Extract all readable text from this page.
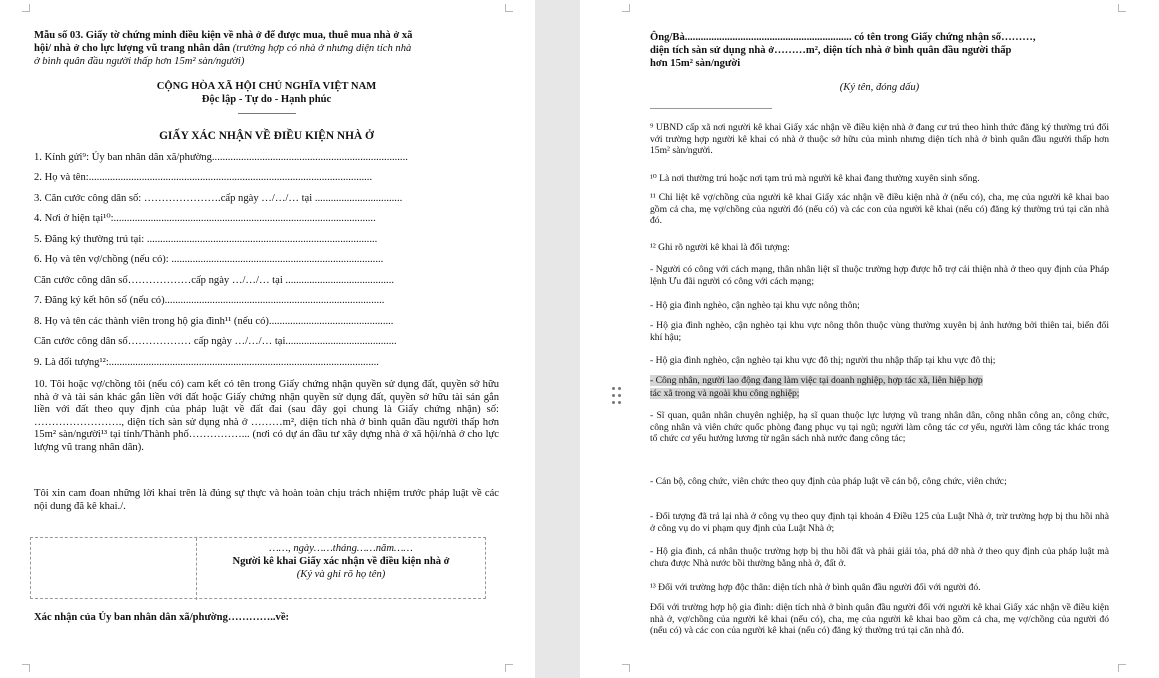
Mẫu số 03. Giấy tờ chứng minh điều kiện về nhà ở để được mua, thuê mua nhà ở xã
hội/ nhà ở cho lực lượng vũ trang nhân dân (trường hợp có nhà ở nhưng diện tích nhà
ở bình quân đầu người thấp hơn 15m² sàn/người)
CỘNG HÒA XÃ HỘI CHỦ NGHĨA VIỆT NAM
Độc lập - Tự do - Hạnh phúc
GIẤY XÁC NHẬN VỀ ĐIỀU KIỆN NHÀ Ở
1. Kính gửi⁹: Ủy ban nhân dân xã/phường..........................................................................
2. Họ và tên:...........................................................................................................
3. Căn cước công dân số: ………………….cấp ngày …/…/… tại .................................
4. Nơi ở hiện tại¹⁰:...................................................................................................
5. Đăng ký thường trú tại: .......................................................................................
6. Họ và tên vợ/chồng (nếu có): ................................................................................
Căn cước công dân số………………cấp ngày …/…/… tại .........................................
7. Đăng ký kết hôn số (nếu có)...................................................................................
8. Họ và tên các thành viên trong hộ gia đình¹¹ (nếu có)...............................................
Căn cước công dân số……………… cấp ngày …/…/… tại..........................................
9. Là đối tượng¹²:......................................................................................................
10. Tôi hoặc vợ/chồng tôi (nếu có) cam kết có tên trong Giấy chứng nhận quyền sử dụng đất, quyền sở hữu nhà ở và tài sản khác gắn liền với đất hoặc Giấy chứng nhận quyền sử dụng đất, quyền sở hữu tài sản gắn liền với đất theo quy định của pháp luật về đất đai (sau đây gọi chung là Giấy chứng nhận) số: ……………………., diện tích sàn sử dụng nhà ở ………m², diện tích nhà ở bình quân đầu người thấp hơn 15m² sàn/người¹³ tại tỉnh/Thành phố……………... (nơi có dự án đầu tư xây dựng nhà ở xã hội/nhà ở cho lực lượng vũ trang nhân dân).
Tôi xin cam đoan những lời khai trên là đúng sự thực và hoàn toàn chịu trách nhiệm trước pháp luật về các nội dung đã kê khai./.
……, ngày……tháng……năm……
Người kê khai Giấy xác nhận về điều kiện nhà ở
(Ký và ghi rõ họ tên)
Xác nhận của Ủy ban nhân dân xã/phường…………..về:
Ông/Bà............................................................... có tên trong Giấy chứng nhận số………,
diện tích sàn sử dụng nhà ở………m², diện tích nhà ở bình quân đầu người thấp
hơn 15m² sàn/người
(Ký tên, đóng dấu)
⁹ UBND cấp xã nơi người kê khai Giấy xác nhận về điều kiện nhà ở đang cư trú theo hình thức đăng ký thường trú đối với trường hợp người kê khai có nhà ở thuộc sở hữu của mình nhưng diện tích nhà ở bình quân đầu người thấp hơn 15m² sàn/người.
¹⁰ Là nơi thường trú hoặc nơi tạm trú mà người kê khai đang thường xuyên sinh sống.
¹¹ Chỉ liệt kê vợ/chồng của người kê khai Giấy xác nhận về điều kiện nhà ở (nếu có), cha, mẹ của người kê khai bao gồm cả cha, mẹ vợ/chồng của người đó (nếu có) và các con của người kê khai (nếu có) đăng ký thường trú tại căn nhà đó.
¹² Ghi rõ người kê khai là đối tượng:
- Người có công với cách mạng, thân nhân liệt sĩ thuộc trường hợp được hỗ trợ cải thiện nhà ở theo quy định của Pháp lệnh Ưu đãi người có công với cách mạng;
- Hộ gia đình nghèo, cận nghèo tại khu vực nông thôn;
- Hộ gia đình nghèo, cận nghèo tại khu vực nông thôn thuộc vùng thường xuyên bị ảnh hưởng bởi thiên tai, biến đổi khí hậu;
- Hộ gia đình nghèo, cận nghèo tại khu vực đô thị; người thu nhập thấp tại khu vực đô thị;
- Công nhân, người lao động đang làm việc tại doanh nghiệp, hợp tác xã, liên hiệp hợp
tác xã trong và ngoài khu công nghiệp;
- Sĩ quan, quân nhân chuyên nghiệp, hạ sĩ quan thuộc lực lượng vũ trang nhân dân, công nhân công an, công chức, công nhân và viên chức quốc phòng đang phục vụ tại ngũ; người làm công tác cơ yếu, người làm công tác khác trong tổ chức cơ yếu hưởng lương từ ngân sách nhà nước đang công tác;
- Cán bộ, công chức, viên chức theo quy định của pháp luật về cán bộ, công chức, viên chức;
- Đối tượng đã trả lại nhà ở công vụ theo quy định tại khoản 4 Điều 125 của Luật Nhà ở, trừ trường hợp bị thu hồi nhà ở công vụ do vi phạm quy định của Luật Nhà ở;
- Hộ gia đình, cá nhân thuộc trường hợp bị thu hồi đất và phải giải tỏa, phá dỡ nhà ở theo quy định của pháp luật mà chưa được Nhà nước bồi thường bằng nhà ở, đất ở.
¹³ Đối với trường hợp độc thân: diện tích nhà ở bình quân đầu người đối với người đó.
Đối với trường hợp hộ gia đình: diện tích nhà ở bình quân đầu người đối với người kê khai Giấy xác nhận về điều kiện nhà ở, vợ/chồng của người kê khai (nếu có), cha, mẹ của người kê khai bao gồm cả cha, mẹ vợ/chồng của người đó (nếu có) và các con của người kê khai (nếu có) đăng ký thường trú tại căn nhà đó.
